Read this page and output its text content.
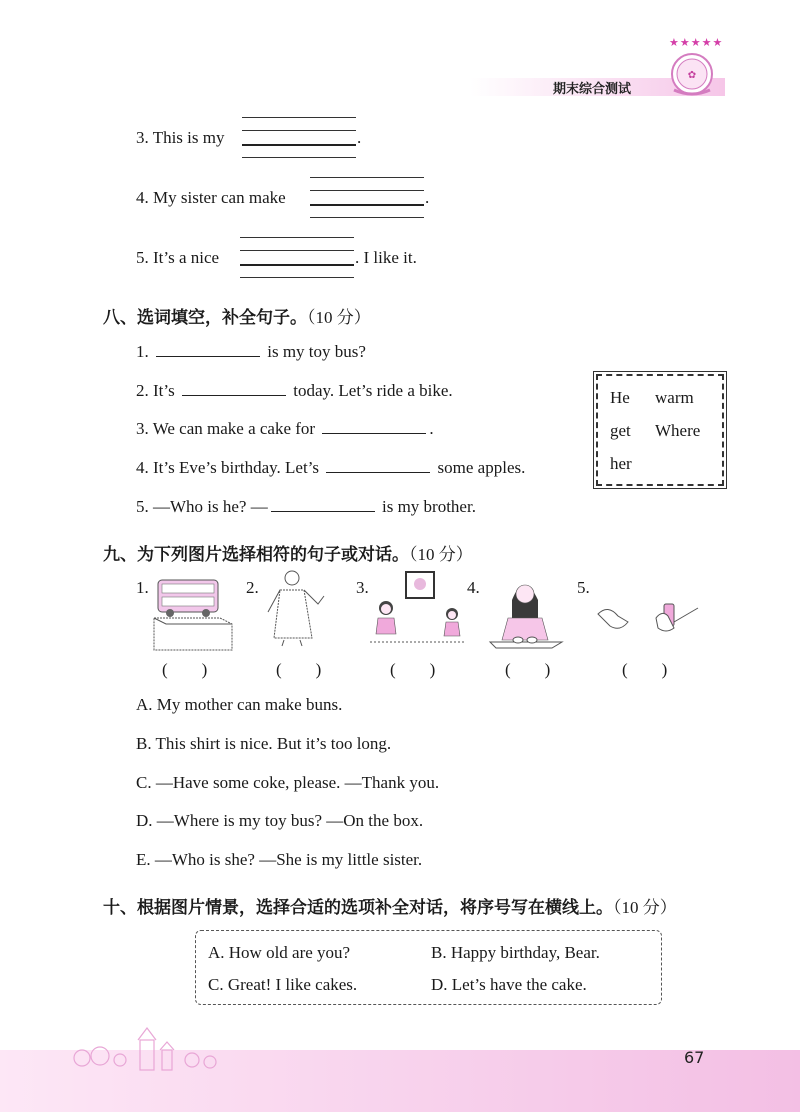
期末综合测试
✿
★★★★★
3. This is my	.
4. My sister can make	.
5. It’s a nice	. I like it.
八、选词填空，补全句子。（10 分）
1.	is my toy bus?
2. It’s	today. Let’s ride a bike.
3. We can make a cake for	.
4. It’s Eve’s birthday. Let’s	some apples.
5. —Who is he? —	is my brother.
He warm
get Where
her
九、为下列图片选择相符的句子或对话。（10 分）
1.	2.	3.	4.	5.
(　　)	(　　)	(　　)	(　　)	(　　)
A. My mother can make buns.
B. This shirt is nice. But it’s too long.
C. —Have some coke, please. —Thank you.
D. —Where is my toy bus? —On the box.
E. —Who is she? —She is my little sister.
十、根据图片情景，选择合适的选项补全对话，将序号写在横线上。（10 分）
A. How old are you?	B. Happy birthday, Bear.
C. Great! I like cakes.	D. Let’s have the cake.
67
